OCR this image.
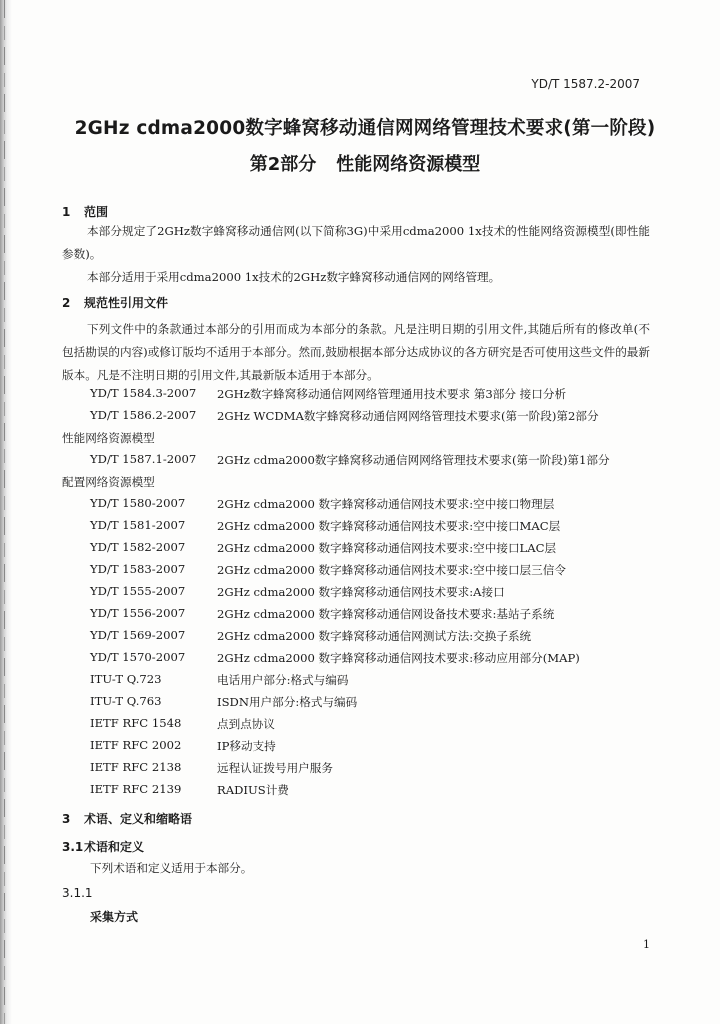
YD/T 1587.2-2007
2GHz cdma2000数字蜂窝移动通信网网络管理技术要求(第一阶段)
第2部分 性能网络资源模型
1 范围
本部分规定了2GHz数字蜂窝移动通信网(以下简称3G)中采用cdma2000 1x技术的性能网络资源模型(即性能参数)。
本部分适用于采用cdma2000 1x技术的2GHz数字蜂窝移动通信网的网络管理。
2 规范性引用文件
下列文件中的条款通过本部分的引用而成为本部分的条款。凡是注明日期的引用文件,其随后所有的修改单(不包括勘误的内容)或修订版均不适用于本部分。然而,鼓励根据本部分达成协议的各方研究是否可使用这些文件的最新版本。凡是不注明日期的引用文件,其最新版本适用于本部分。
YD/T 1584.3-2007 2GHz数字蜂窝移动通信网网络管理通用技术要求 第3部分 接口分析
YD/T 1586.2-2007 2GHz WCDMA数字蜂窝移动通信网网络管理技术要求(第一阶段)第2部分
性能网络资源模型
YD/T 1587.1-2007 2GHz cdma2000数字蜂窝移动通信网网络管理技术要求(第一阶段)第1部分
配置网络资源模型
YD/T 1580-2007	2GHz cdma2000 数字蜂窝移动通信网技术要求:空中接口物理层
YD/T 1581-2007	2GHz cdma2000 数字蜂窝移动通信网技术要求:空中接口MAC层
YD/T 1582-2007	2GHz cdma2000 数字蜂窝移动通信网技术要求:空中接口LAC层
YD/T 1583-2007	2GHz cdma2000 数字蜂窝移动通信网技术要求:空中接口层三信令
YD/T 1555-2007	2GHz cdma2000 数字蜂窝移动通信网技术要求:A接口
YD/T 1556-2007	2GHz cdma2000 数字蜂窝移动通信网设备技术要求:基站子系统
YD/T 1569-2007	2GHz cdma2000 数字蜂窝移动通信网测试方法:交换子系统
YD/T 1570-2007	2GHz cdma2000 数字蜂窝移动通信网技术要求:移动应用部分(MAP)
ITU-T Q.723	电话用户部分:格式与编码
ITU-T Q.763	ISDN用户部分:格式与编码
IETF RFC 1548	点到点协议
IETF RFC 2002	IP移动支持
IETF RFC 2138	远程认证拨号用户服务
IETF RFC 2139	RADIUS计费
3 术语、定义和缩略语
3.1术语和定义
下列术语和定义适用于本部分。
3.1.1
采集方式
1
